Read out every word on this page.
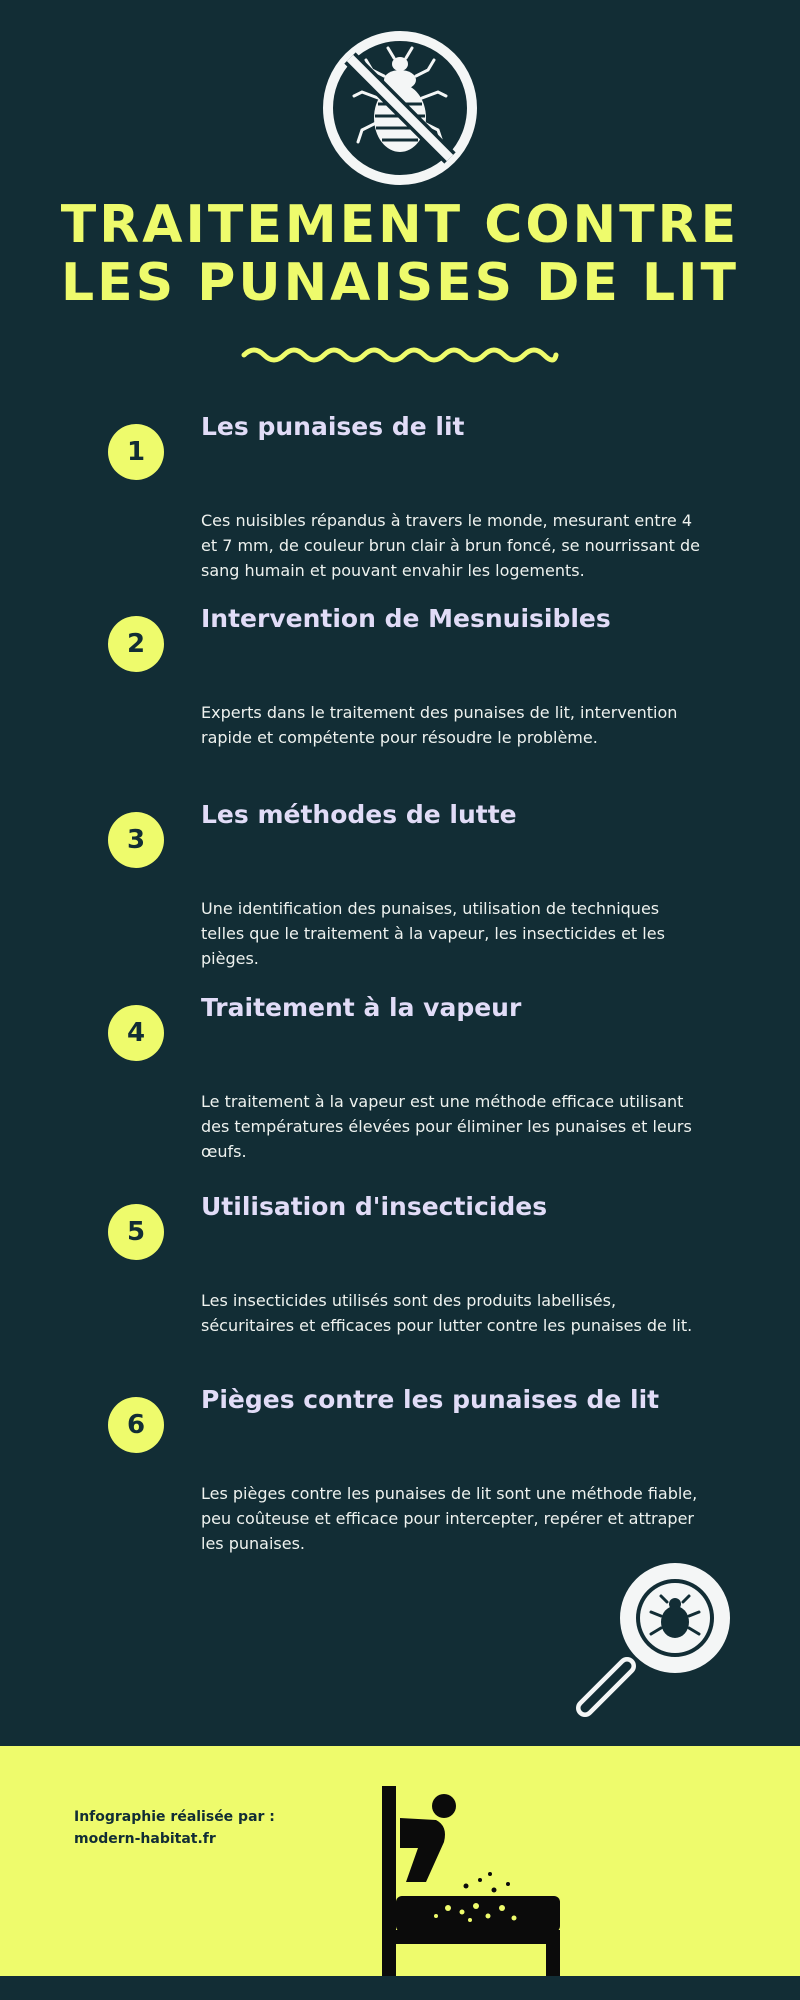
TRAITEMENT CONTRE
LES PUNAISES DE LIT
1
Les punaises de lit
Ces nuisibles répandus à travers le monde, mesurant entre 4 et 7 mm, de couleur brun clair à brun foncé, se nourrissant de sang humain et pouvant envahir les logements.
2
Intervention de Mesnuisibles
Experts dans le traitement des punaises de lit, intervention rapide et compétente pour résoudre le problème.
3
Les méthodes de lutte
Une identification des punaises, utilisation de techniques telles que le traitement à la vapeur, les insecticides et les pièges.
4
Traitement à la vapeur
Le traitement à la vapeur est une méthode efficace utilisant des températures élevées pour éliminer les punaises et leurs œufs.
5
Utilisation d'insecticides
Les insecticides utilisés sont des produits labellisés, sécuritaires et efficaces pour lutter contre les punaises de lit.
6
Pièges contre les punaises de lit
Les pièges contre les punaises de lit sont une méthode fiable, peu coûteuse et efficace pour intercepter, repérer et attraper les punaises.
Infographie réalisée par :
modern-habitat.fr
